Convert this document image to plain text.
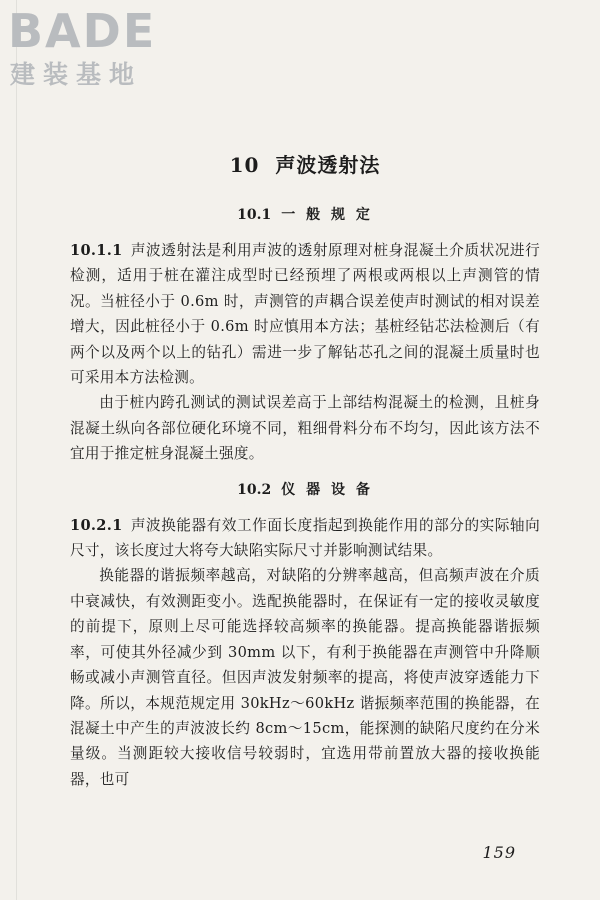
BADE
建装基地
10 声波透射法
10.1 一 般 规 定

10.1.1 声波透射法是利用声波的透射原理对桩身混凝土介质状况进行检测，适用于桩在灌注成型时已经预埋了两根或两根以上声测管的情况。当桩径小于 0.6m 时，声测管的声耦合误差使声时测试的相对误差增大，因此桩径小于 0.6m 时应慎用本方法；基桩经钻芯法检测后（有两个以及两个以上的钻孔）需进一步了解钻芯孔之间的混凝土质量时也可采用本方法检测。

由于桩内跨孔测试的测试误差高于上部结构混凝土的检测，且桩身混凝土纵向各部位硬化环境不同，粗细骨料分布不均匀，因此该方法不宜用于推定桩身混凝土强度。

10.2 仪 器 设 备

10.2.1 声波换能器有效工作面长度指起到换能作用的部分的实际轴向尺寸，该长度过大将夸大缺陷实际尺寸并影响测试结果。

换能器的谐振频率越高，对缺陷的分辨率越高，但高频声波在介质中衰减快，有效测距变小。选配换能器时，在保证有一定的接收灵敏度的前提下，原则上尽可能选择较高频率的换能器。提高换能器谐振频率，可使其外径减少到 30mm 以下，有利于换能器在声测管中升降顺畅或减小声测管直径。但因声波发射频率的提高，将使声波穿透能力下降。所以，本规范规定用 30kHz～60kHz 谐振频率范围的换能器，在混凝土中产生的声波波长约 8cm～15cm，能探测的缺陷尺度约在分米量级。当测距较大接收信号较弱时，宜选用带前置放大器的接收换能器，也可

159
